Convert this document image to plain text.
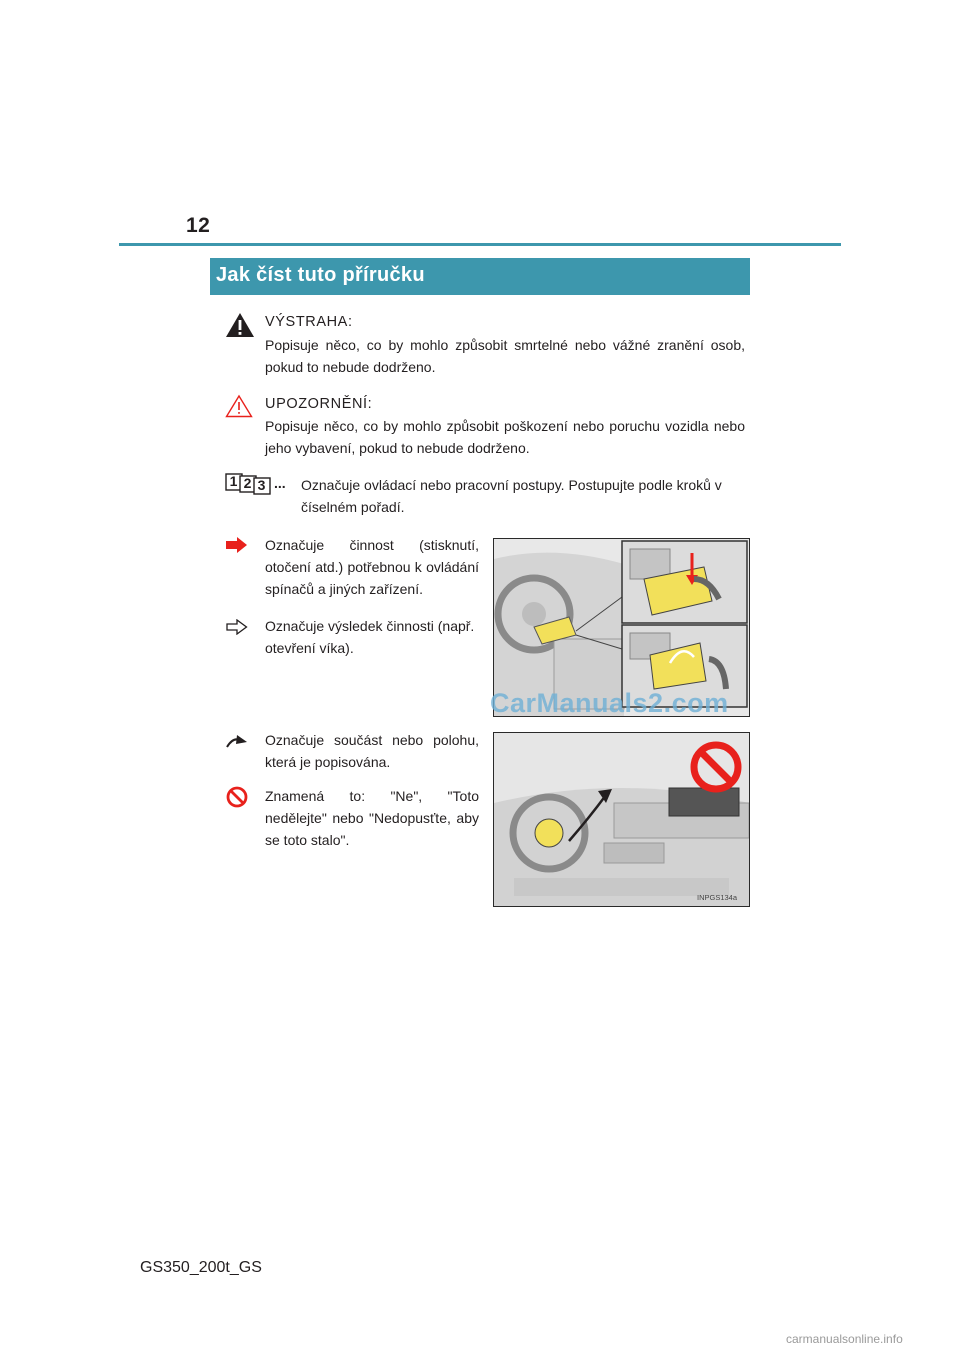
12
Jak číst tuto příručku
VÝSTRAHA:
Popisuje něco, co by mohlo způsobit smrtelné nebo vážné zranění osob, pokud to nebude dodrženo.
UPOZORNĚNÍ:
Popisuje něco, co by mohlo způsobit poškození nebo poruchu vozidla nebo jeho vybavení, pokud to nebude dodrženo.
1 2 3 ... Označuje ovládací nebo pracovní postupy. Postupujte podle kroků v číselném pořadí.
Označuje činnost (stisknutí, otočení atd.) potřebnou k ovládání spínačů a jiných zařízení.
Označuje výsledek činnosti (např. otevření víka).
CarManuals2.com
Označuje součást nebo polohu, která je popisována.
Znamená to: "Ne", "Toto nedělejte" nebo "Nedopusťte, aby se toto stalo".
INPGS134a
GS350_200t_GS
carmanualsonline.info
